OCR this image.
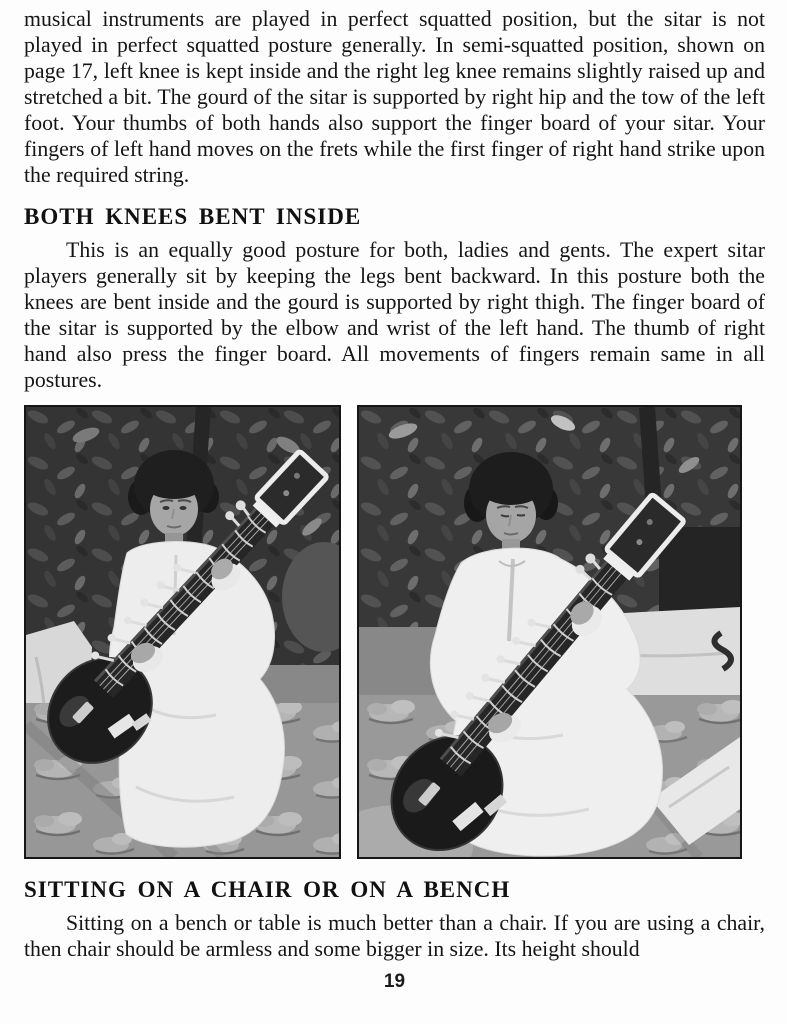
musical instruments are played in perfect squatted position, but the sitar is not played in perfect squatted posture generally. In semi-squatted position, shown on page 17, left knee is kept inside and the right leg knee remains slightly raised up and stretched a bit. The gourd of the sitar is supported by right hip and the tow of the left foot. Your thumbs of both hands also support the finger board of your sitar. Your fingers of left hand moves on the frets while the first finger of right hand strike upon the required string.

BOTH KNEES BENT INSIDE

This is an equally good posture for both, ladies and gents. The expert sitar players generally sit by keeping the legs bent backward. In this posture both the knees are bent inside and the gourd is supported by right thigh. The finger board of the sitar is supported by the elbow and wrist of the left hand. The thumb of right hand also press the finger board. All movements of fingers remain same in all postures.

SITTING ON A CHAIR OR ON A BENCH

Sitting on a bench or table is much better than a chair. If you are using a chair, then chair should be armless and some bigger in size. Its height should

19
